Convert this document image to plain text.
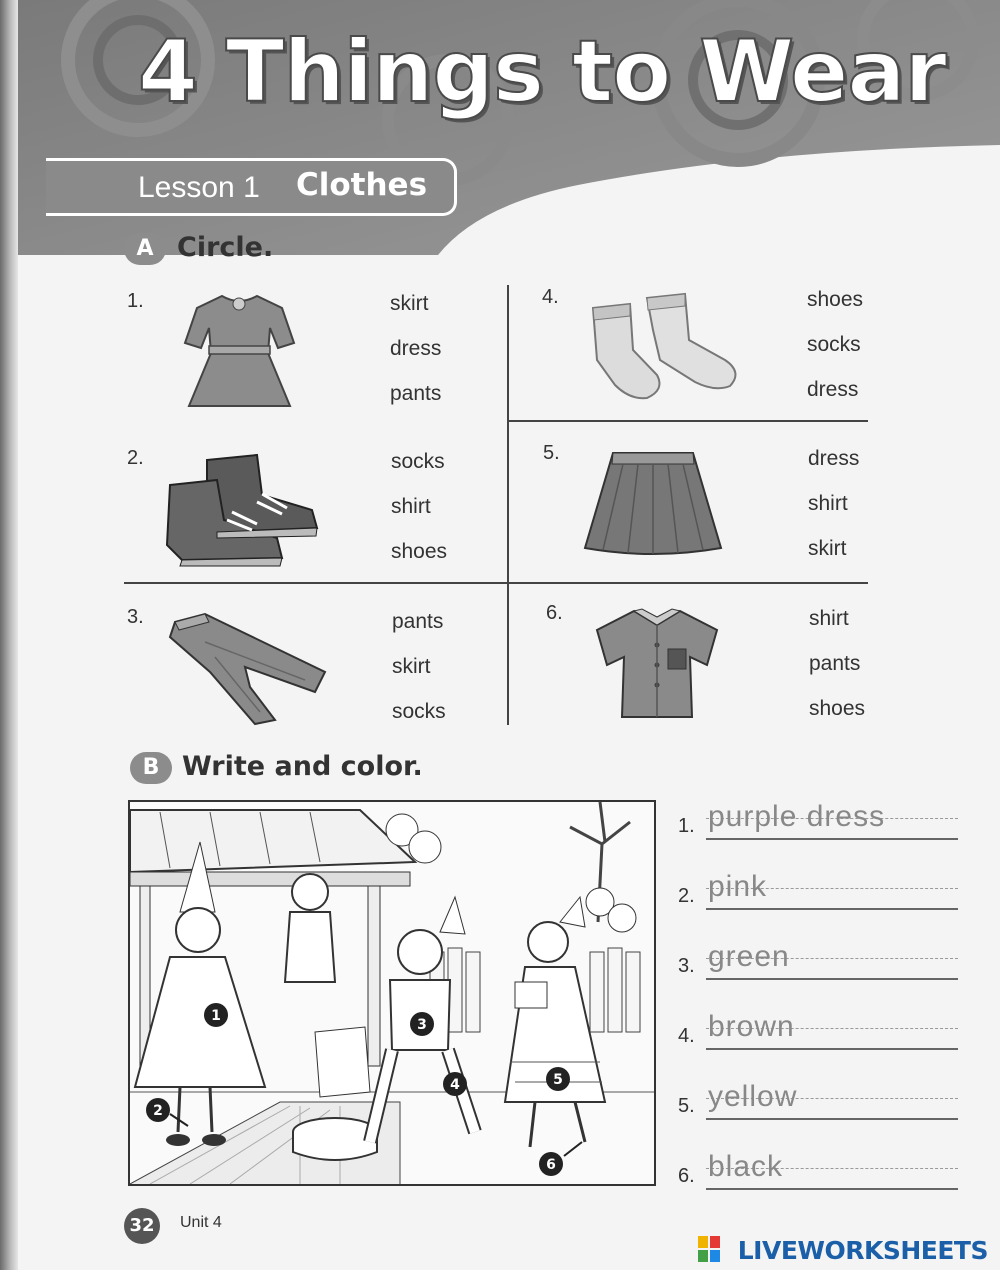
4 Things to Wear
Lesson 1 Clothes
A Circle.
1.	skirt
dress
pants
2.	socks
shirt
shoes
3.	pants
skirt
socks
4.	shoes
socks
dress
5.	dress
shirt
skirt
6.	shirt
pants
shoes
B Write and color.
1
2
3
4	5
6
1. purple dress
2. pink
3. green
4. brown
5. yellow
6. black
32	Unit 4
LIVEWORKSHEETS
